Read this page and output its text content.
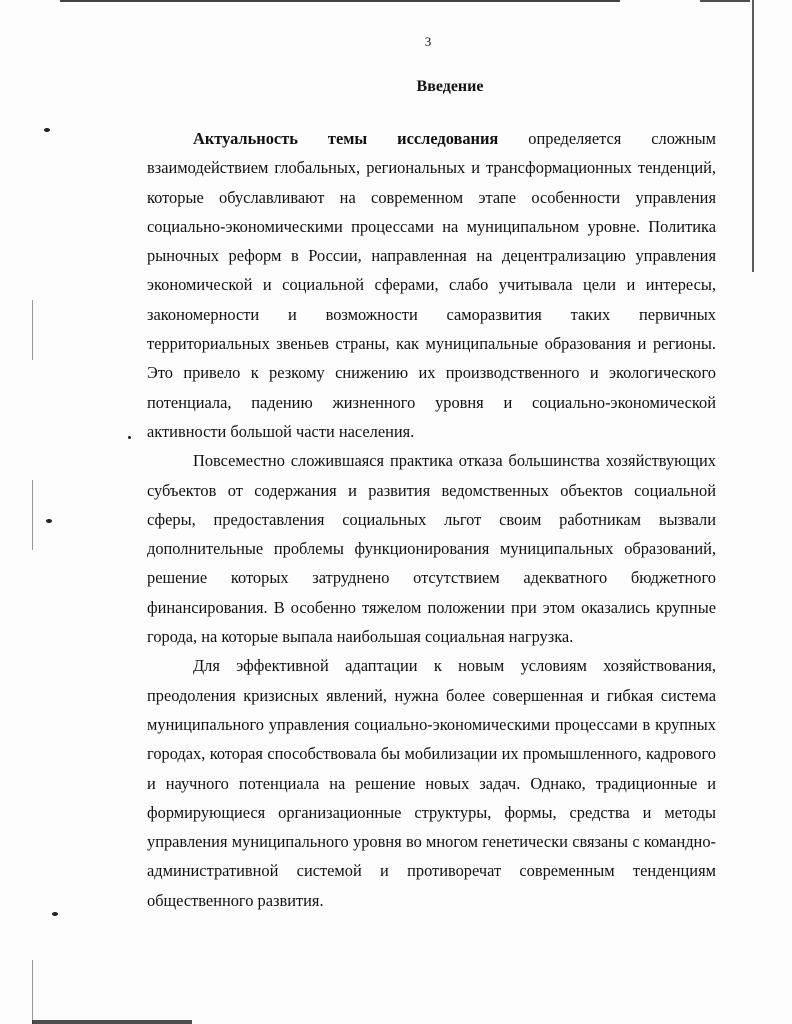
3
Введение

Актуальность темы исследования определяется сложным взаимодействием глобальных, региональных и трансформационных тенденций, которые обуславливают на современном этапе особенности управления социально-экономическими процессами на муниципальном уровне. Политика рыночных реформ в России, направленная на децентрализацию управления экономической и социальной сферами, слабо учитывала цели и интересы, закономерности и возможности саморазвития таких первичных территориальных звеньев страны, как муниципальные образования и регионы. Это привело к резкому снижению их производственного и экологического потенциала, падению жизненного уровня и социально-экономической активности большой части населения.

Повсеместно сложившаяся практика отказа большинства хозяйствующих субъектов от содержания и развития ведомственных объектов социальной сферы, предоставления социальных льгот своим работникам вызвали дополнительные проблемы функционирования муниципальных образований, решение которых затруднено отсутствием адекватного бюджетного финансирования. В особенно тяжелом положении при этом оказались крупные города, на которые выпала наибольшая социальная нагрузка.

Для эффективной адаптации к новым условиям хозяйствования, преодоления кризисных явлений, нужна более совершенная и гибкая система муниципального управления социально-экономическими процессами в крупных городах, которая способствовала бы мобилизации их промышленного, кадрового и научного потенциала на решение новых задач. Однако, традиционные и формирующиеся организационные структуры, формы, средства и методы управления муниципального уровня во многом генетически связаны с командно-административной системой и противоречат современным тенденциям общественного развития.
